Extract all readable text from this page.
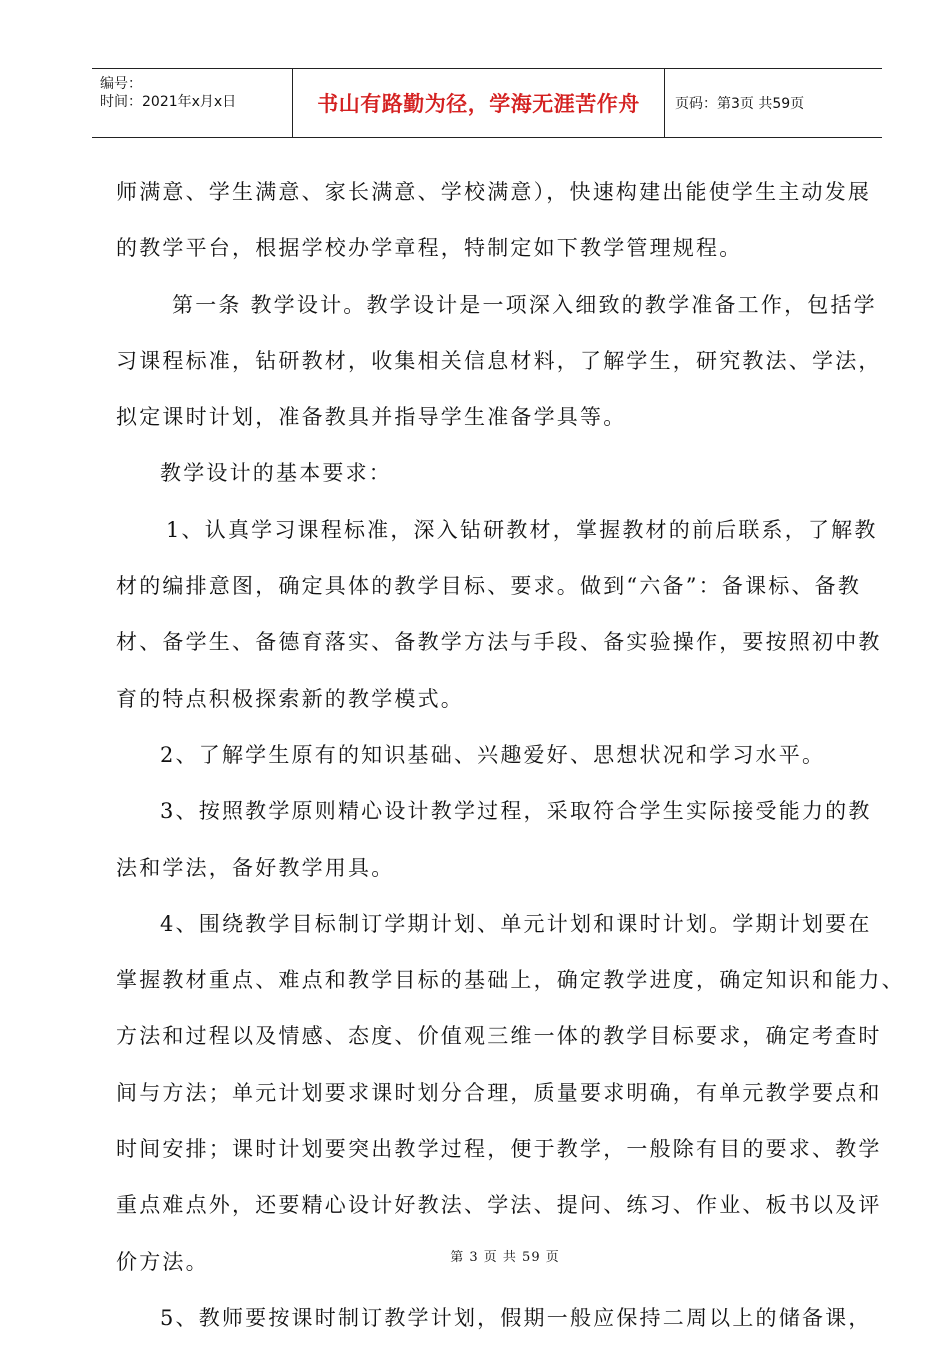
编号：
时间：2021年x月x日	书山有路勤为径，学海无涯苦作舟	页码：第3页 共59页
师满意、学生满意、家长满意、学校满意），快速构建出能使学生主动发展
的教学平台，根据学校办学章程，特制定如下教学管理规程。
第一条 教学设计。教学设计是一项深入细致的教学准备工作，包括学
习课程标准，钻研教材，收集相关信息材料，了解学生，研究教法、学法，
拟定课时计划，准备教具并指导学生准备学具等。
教学设计的基本要求：
1、认真学习课程标准，深入钻研教材，掌握教材的前后联系，了解教
材的编排意图，确定具体的教学目标、要求。做到“六备”：备课标、备教
材、备学生、备德育落实、备教学方法与手段、备实验操作，要按照初中教
育的特点积极探索新的教学模式。
2、了解学生原有的知识基础、兴趣爱好、思想状况和学习水平。
3、按照教学原则精心设计教学过程，采取符合学生实际接受能力的教
法和学法，备好教学用具。
4、围绕教学目标制订学期计划、单元计划和课时计划。学期计划要在
掌握教材重点、难点和教学目标的基础上，确定教学进度，确定知识和能力、
方法和过程以及情感、态度、价值观三维一体的教学目标要求，确定考查时
间与方法；单元计划要求课时划分合理，质量要求明确，有单元教学要点和
时间安排；课时计划要突出教学过程，便于教学，一般除有目的要求、教学
重点难点外，还要精心设计好教法、学法、提问、练习、作业、板书以及评
价方法。
5、教师要按课时制订教学计划，假期一般应保持二周以上的储备课，
第 3 页 共 59 页
